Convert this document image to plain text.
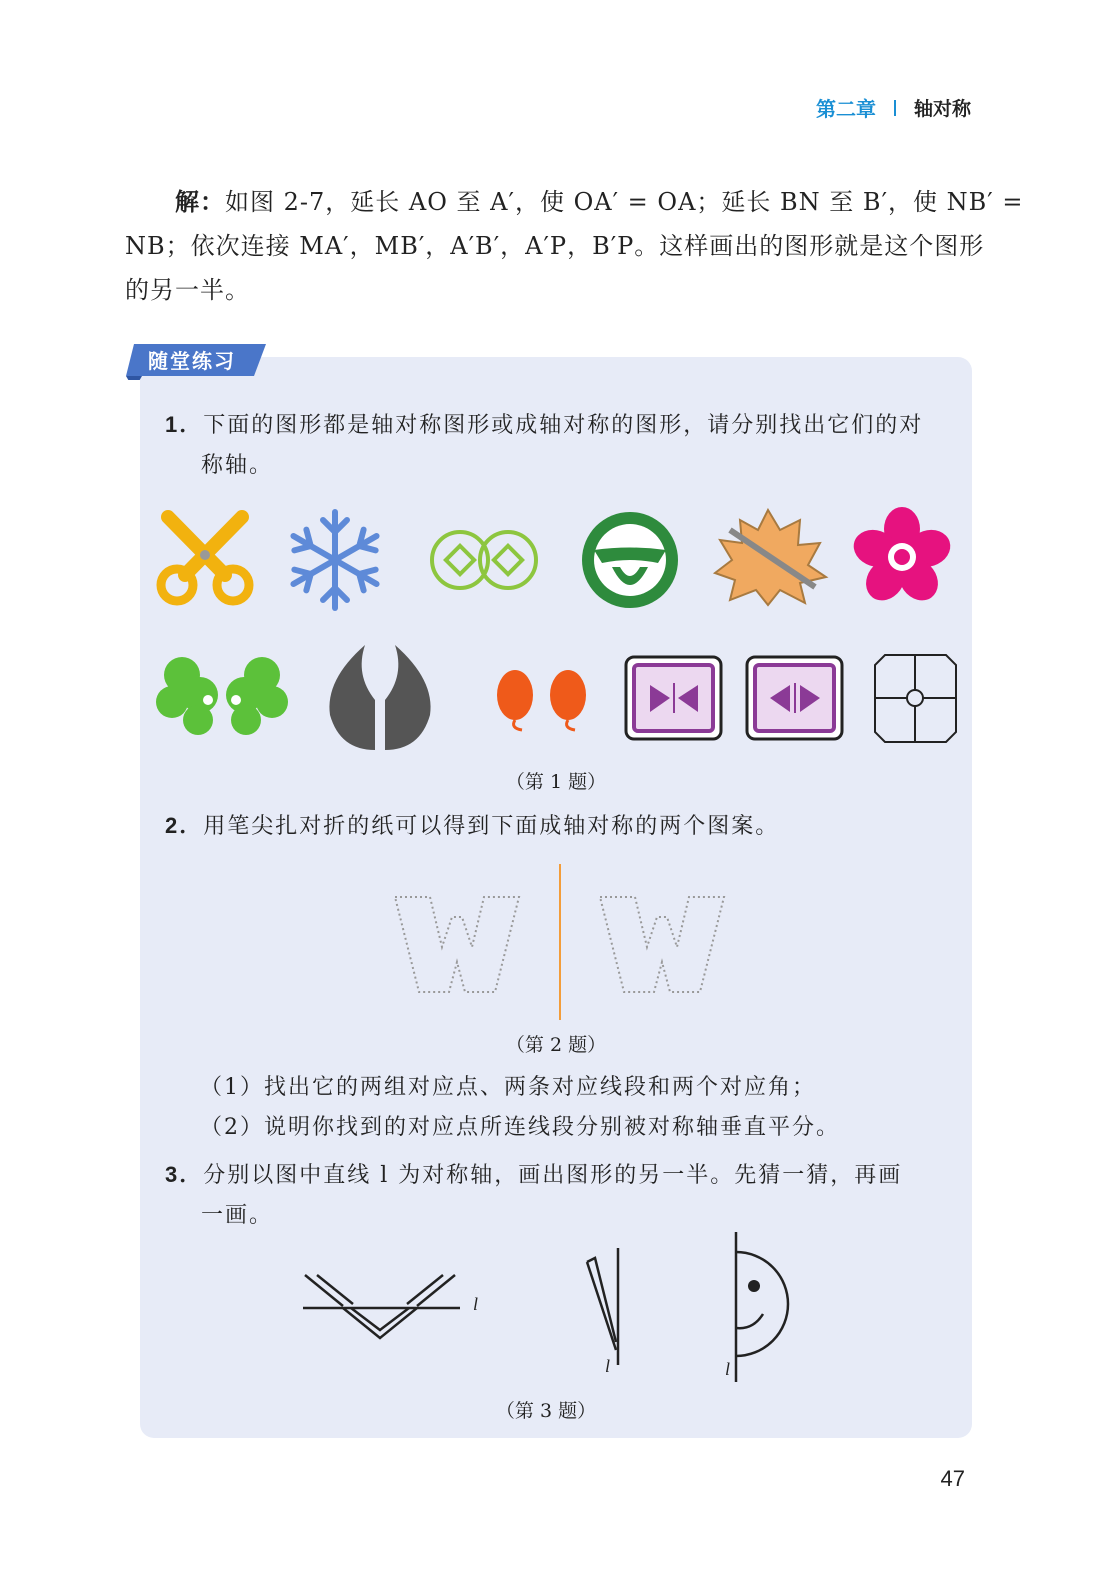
第二章 轴对称
解：如图 2-7，延长 AO 至 A′，使 OA′ = OA；延长 BN 至 B′，使 NB′ =
NB；依次连接 MA′，MB′，A′B′，A′P，B′P。这样画出的图形就是这个图形
的另一半。
随堂练习
1．下面的图形都是轴对称图形或成轴对称的图形，请分别找出它们的对
称轴。
（第 1 题）
2．用笔尖扎对折的纸可以得到下面成轴对称的两个图案。
（第 2 题）
（1）找出它的两组对应点、两条对应线段和两个对应角；
（2）说明你找到的对应点所连线段分别被对称轴垂直平分。
3．分别以图中直线 l 为对称轴，画出图形的另一半。先猜一猜，再画
一画。
l
l	l
（第 3 题）
47
